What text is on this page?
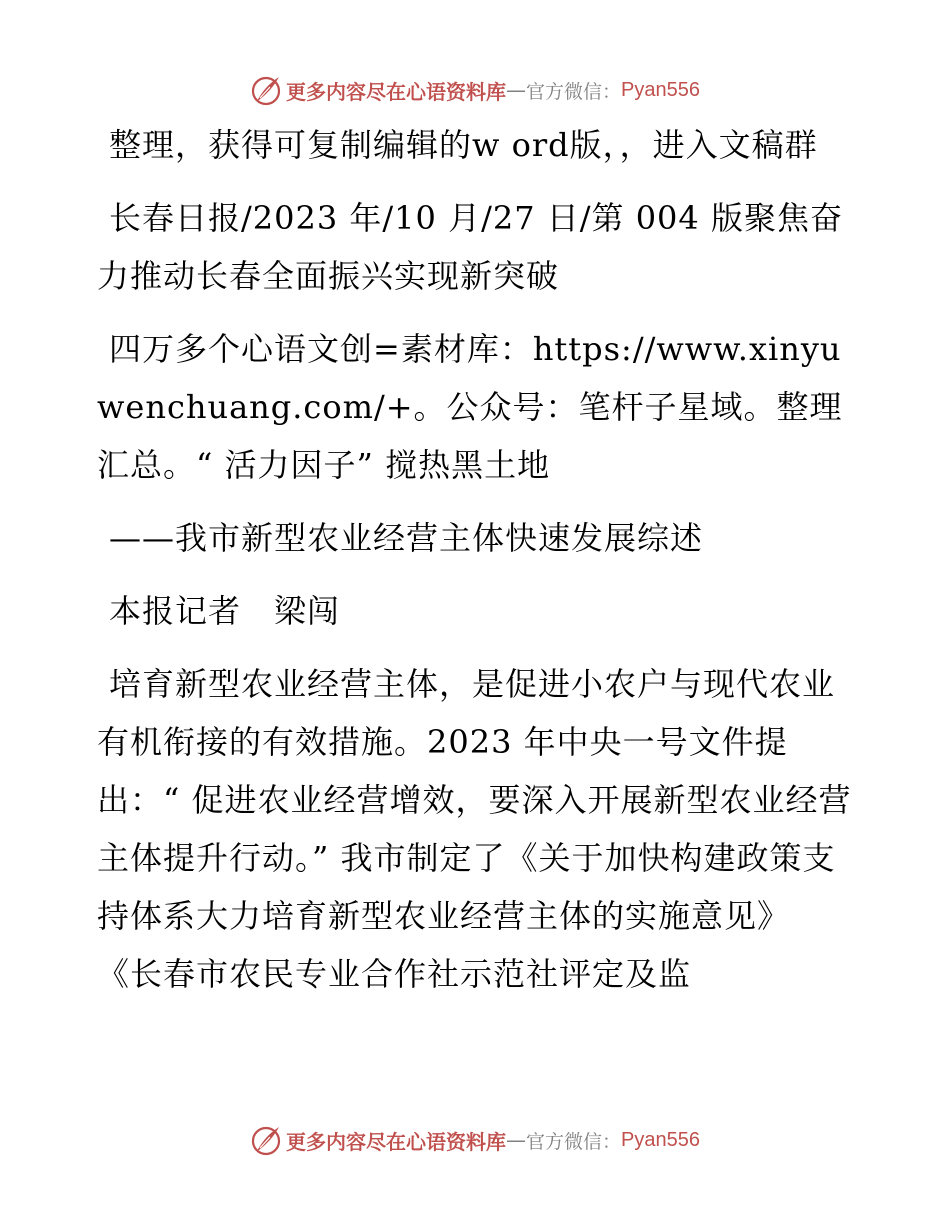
更多内容尽在心语资料库 — 官方微信： Pyan556

整理，获得可复制编辑的w ord版，，进入文稿群

长春日报/2023 年/10 月/27 日/第 004 版聚焦奋力推动长春全面振兴实现新突破

四万多个心语文创=素材库：https://www.xinyuwenchuang.com/+。公众号：笔杆子星域。整理汇总。“ 活力因子” 搅热黑土地

——我市新型农业经营主体快速发展综述

本报记者　梁闯

培育新型农业经营主体，是促进小农户与现代农业有机衔接的有效措施。2023 年中央一号文件提出：“ 促进农业经营增效，要深入开展新型农业经营主体提升行动。” 我市制定了《关于加快构建政策支持体系大力培育新型农业经营主体的实施意见》 《长春市农民专业合作社示范社评定及监

更多内容尽在心语资料库 — 官方微信： Pyan556
